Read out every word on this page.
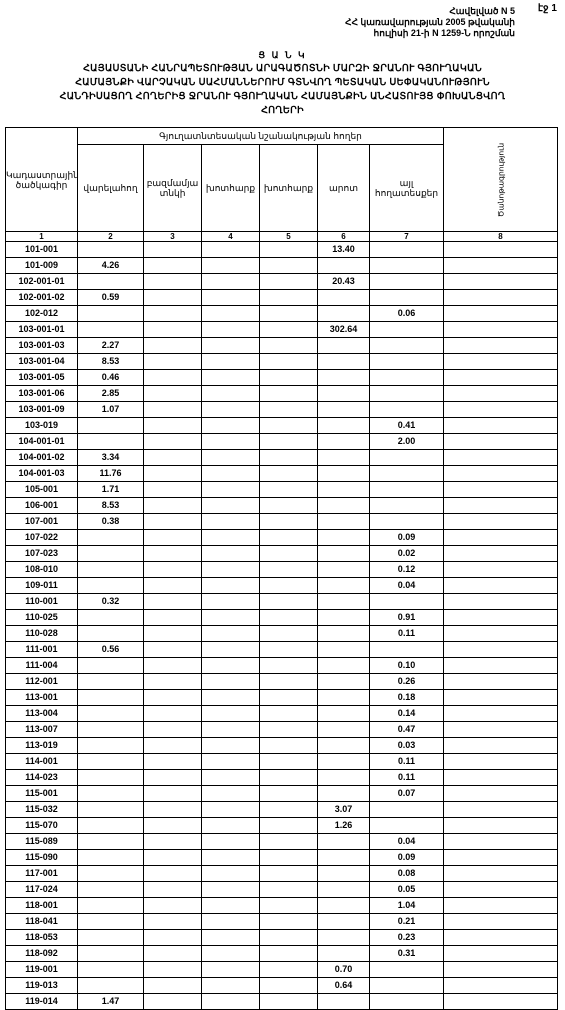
էջ 1
Հավելված N 5
ՀՀ կառավարության 2005 թվականի
հուլիսի 21-ի N 1259-Ն որոշման
Ց Ա Ն Կ
ՀԱՅԱՍՏԱՆԻ ՀԱՆՐԱՊԵՏՈՒԹՅԱՆ ԱՐԱԳԱԾՈՏՆԻ ՄԱՐԶԻ ՋՐԱՆՈՒ ԳՅՈՒՂԱԿԱՆ
ՀԱՄԱՅՆՔԻ ՎԱՐՉԱԿԱՆ ՍԱՀՄԱՆՆԵՐՈՒՄ ԳՏՆՎՈՂ ՊԵՏԱԿԱՆ ՍԵՓԱԿԱՆՈՒԹՅՈՒՆ
ՀԱՆԴԻՍԱՑՈՂ ՀՈՂԵՐԻՑ ՋՐԱՆՈՒ ԳՅՈՒՂԱԿԱՆ ՀԱՄԱՅՆՔԻՆ ԱՆՀԱՏՈՒՅՑ ՓՈԽԱՆՑՎՈՂ
ՀՈՂԵՐԻ
Կադաստրային ծածկագիր	Գյուղատնտեսական նշանակության հողեր						Ծանոթագրություն

	վարելահող	բազմամյա տնկի	խոտհարք	խոտհարք	արոտ	այլ հողատեսքեր	
1	2	3	4	5	6	7	8
101-001					13.40		
101-009	4.26						
102-001-01					20.43		
102-001-02	0.59						
102-012						0.06	
103-001-01					302.64		
103-001-03	2.27						
103-001-04	8.53						
103-001-05	0.46						
103-001-06	2.85						
103-001-09	1.07						
103-019						0.41	
104-001-01						2.00	
104-001-02	3.34						
104-001-03	11.76						
105-001	1.71						
106-001	8.53						
107-001	0.38						
107-022						0.09	
107-023						0.02	
108-010						0.12	
109-011						0.04	
110-001	0.32						
110-025						0.91	
110-028						0.11	
111-001	0.56						
111-004						0.10	
112-001						0.26	
113-001						0.18	
113-004						0.14	
113-007						0.47	
113-019						0.03	
114-001						0.11	
114-023						0.11	
115-001						0.07	
115-032					3.07		
115-070					1.26		
115-089						0.04	
115-090						0.09	
117-001						0.08	
117-024						0.05	
118-001						1.04	
118-041						0.21	
118-053						0.23	
118-092						0.31	
119-001					0.70		
119-013					0.64		
119-014	1.47						
